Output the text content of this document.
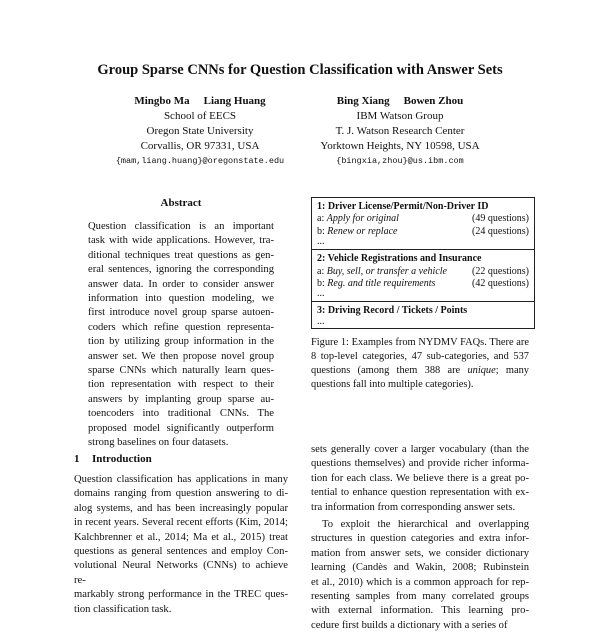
Group Sparse CNNs for Question Classification with Answer Sets
Mingbo Ma Liang Huang
School of EECS
Oregon State University
Corvallis, OR 97331, USA
{mam,liang.huang}@oregonstate.edu
Bing Xiang Bowen Zhou
IBM Watson Group
T. J. Watson Research Center
Yorktown Heights, NY 10598, USA
{bingxia,zhou}@us.ibm.com
Abstract
Question classification is an important
task with wide applications. However, tra-
ditional techniques treat questions as gen-
eral sentences, ignoring the corresponding
answer data. In order to consider answer
information into question modeling, we
first introduce novel group sparse autoen-
coders which refine question representa-
tion by utilizing group information in the
answer set. We then propose novel group
sparse CNNs which naturally learn ques-
tion representation with respect to their
answers by implanting group sparse au-
toencoders into traditional CNNs. The
proposed model significantly outperform
strong baselines on four datasets.
1 Introduction
Question classification has applications in many
domains ranging from question answering to di-
alog systems, and has been increasingly popular
in recent years. Several recent efforts (Kim, 2014;
Kalchbrenner et al., 2014; Ma et al., 2015) treat
questions as general sentences and employ Con-
volutional Neural Networks (CNNs) to achieve re-
markably strong performance in the TREC ques-
tion classification task.
1: Driver License/Permit/Non-Driver ID
a: Apply for original	(49 questions)
b: Renew or replace	(24 questions)
...
2: Vehicle Registrations and Insurance
a: Buy, sell, or transfer a vehicle	(22 questions)
b: Reg. and title requirements	(42 questions)
...
3: Driving Record / Tickets / Points
...
Figure 1: Examples from NYDMV FAQs. There are 8 top-level categories, 47 sub-categories, and 537 questions (among them 388 are unique; many questions fall into multiple categories).
sets generally cover a larger vocabulary (than the
questions themselves) and provide richer informa-
tion for each class. We believe there is a great po-
tential to enhance question representation with ex-
tra information from corresponding answer sets.
To exploit the hierarchical and overlapping
structures in question categories and extra infor-
mation from answer sets, we consider dictionary
learning (Candès and Wakin, 2008; Rubinstein
et al., 2010) which is a common approach for rep-
resenting samples from many correlated groups
with external information. This learning pro-
cedure first builds a dictionary with a series of
